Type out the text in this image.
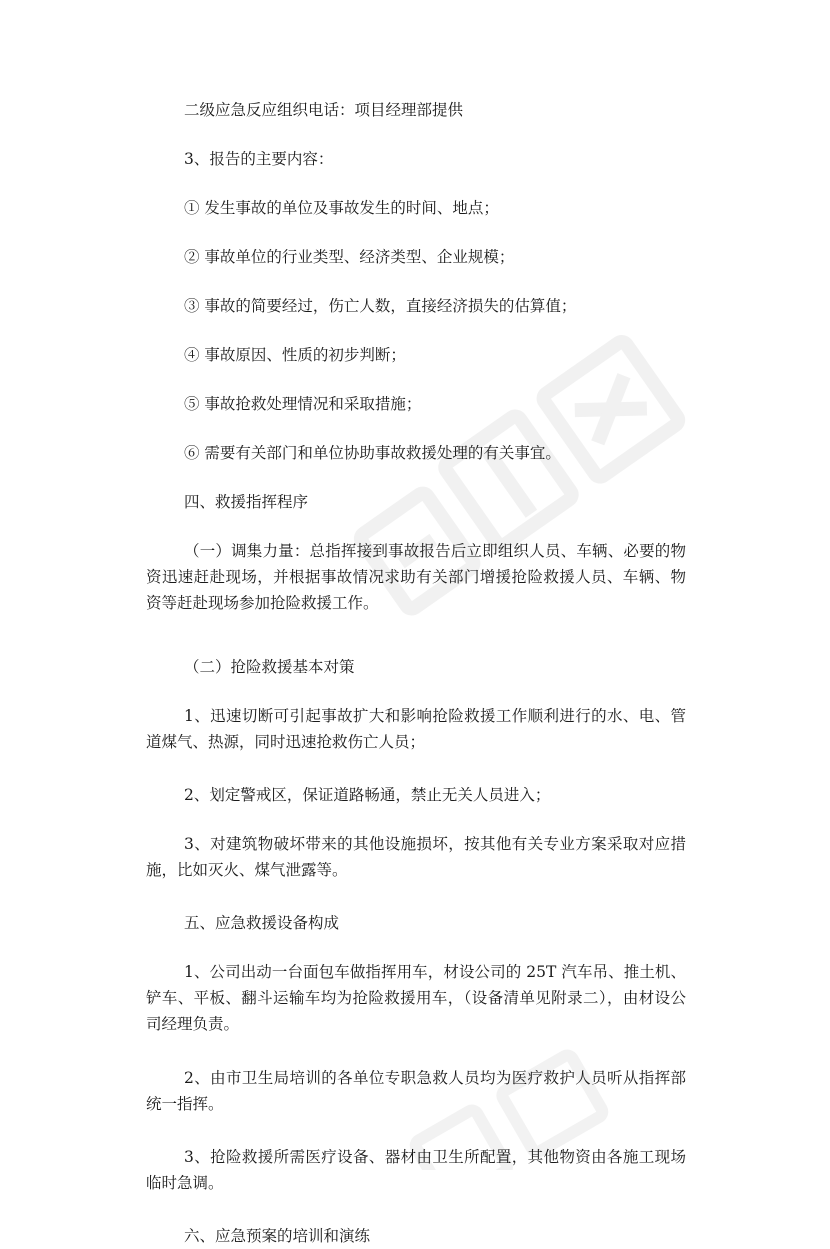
二级应急反应组织电话：项目经理部提供

3、报告的主要内容：

① 发生事故的单位及事故发生的时间、地点；

② 事故单位的行业类型、经济类型、企业规模；

③ 事故的简要经过，伤亡人数，直接经济损失的估算值；

④ 事故原因、性质的初步判断；

⑤ 事故抢救处理情况和采取措施；

⑥ 需要有关部门和单位协助事故救援处理的有关事宜。

四、救援指挥程序

（一）调集力量：总指挥接到事故报告后立即组织人员、车辆、必要的物资迅速赶赴现场，并根据事故情况求助有关部门增援抢险救援人员、车辆、物资等赶赴现场参加抢险救援工作。

（二）抢险救援基本对策

1、迅速切断可引起事故扩大和影响抢险救援工作顺利进行的水、电、管道煤气、热源，同时迅速抢救伤亡人员；

2、划定警戒区，保证道路畅通，禁止无关人员进入；

3、对建筑物破坏带来的其他设施损坏，按其他有关专业方案采取对应措施，比如灭火、煤气泄露等。

五、应急救援设备构成

1、公司出动一台面包车做指挥用车，材设公司的 25T 汽车吊、推土机、铲车、平板、翻斗运输车均为抢险救援用车，（设备清单见附录二），由材设公司经理负责。

2、由市卫生局培训的各单位专职急救人员均为医疗救护人员听从指挥部统一指挥。

3、抢险救援所需医疗设备、器材由卫生所配置，其他物资由各施工现场临时急调。

六、应急预案的培训和演练
